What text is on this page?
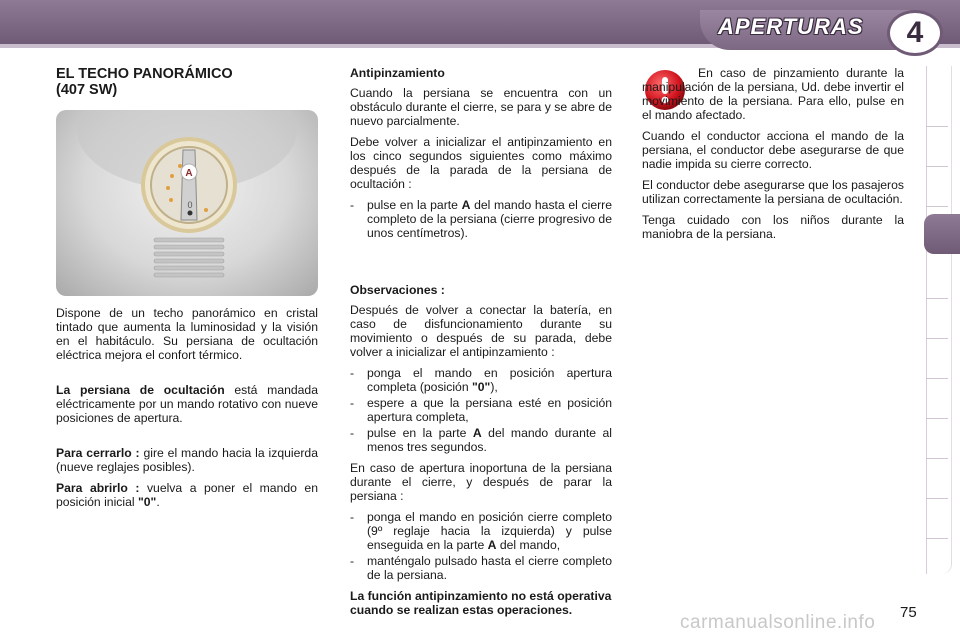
APERTURAS	4
A
0
EL TECHO PANORÁMICO
(407 SW)

Dispone de un techo panorámico en cristal tintado que aumenta la luminosidad y la visión en el habitáculo. Su persiana de ocultación eléctrica mejora el confort térmico.

La persiana de ocultación está mandada eléctricamente por un mando rotativo con nueve posiciones de apertura.

Para cerrarlo : gire el mando hacia la izquierda (nueve reglajes posibles).

Para abrirlo : vuelva a poner el mando en posición inicial "0".

Antipinzamiento

Cuando la persiana se encuentra con un obstáculo durante el cierre, se para y se abre de nuevo parcialmente.

Debe volver a inicializar el antipinzamiento en los cinco segundos siguientes como máximo después de la parada de la persiana de ocultación :

- pulse en la parte A del mando hasta el cierre completo de la persiana (cierre progresivo de unos centímetros).
Observaciones :

Después de volver a conectar la batería, en caso de disfuncionamiento durante su movimiento o después de su parada, debe volver a inicializar el antipinzamiento :

- ponga el mando en posición apertura completa (posición "0"),
- espere a que la persiana esté en posición apertura completa,
- pulse en la parte A del mando durante al menos tres segundos.

En caso de apertura inoportuna de la persiana durante el cierre, y después de parar la persiana :

- ponga el mando en posición cierre completo (9º reglaje hacia la izquierda) y pulse enseguida en la parte A del mando,
- manténgalo pulsado hasta el cierre completo de la persiana.

La función antipinzamiento no está operativa cuando se realizan estas operaciones.

En caso de pinzamiento durante la manipulación de la persiana, Ud. debe invertir el movimiento de la persiana. Para ello, pulse en el mando afectado.

Cuando el conductor acciona el mando de la persiana, el conductor debe asegurarse de que nadie impida su cierre correcto.

El conductor debe asegurarse que los pasajeros utilizan correctamente la persiana de ocultación.

Tenga cuidado con los niños durante la maniobra de la persiana.

carmanualsonline.info 75
